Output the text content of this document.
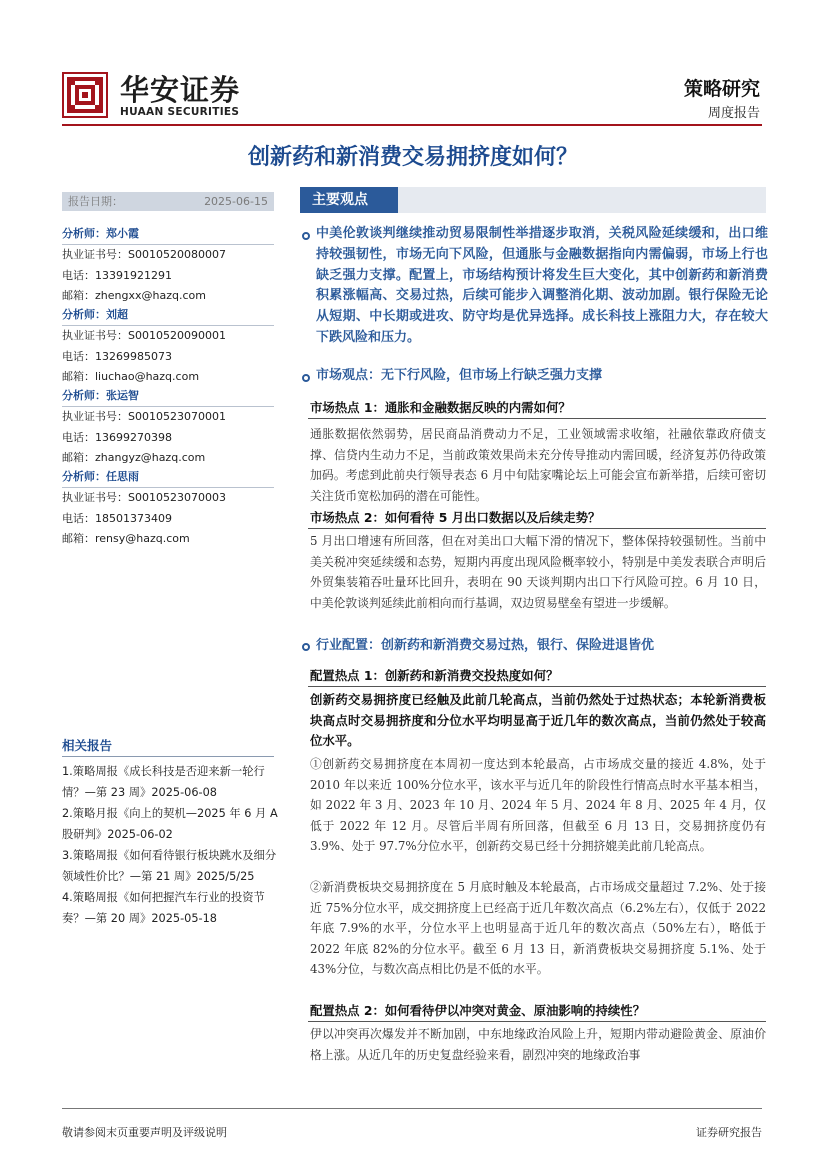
华安证券
HUAAN SECURITIES
策略研究
周度报告
创新药和新消费交易拥挤度如何？
报告日期：	2025-06-15
分析师：郑小霞
执业证书号：S0010520080007
电话：13391921291
邮箱：zhengxx@hazq.com
分析师：刘超
执业证书号：S0010520090001
电话：13269985073
邮箱：liuchao@hazq.com
分析师：张运智
执业证书号：S0010523070001
电话：13699270398
邮箱：zhangyz@hazq.com
分析师：任思雨
执业证书号：S0010523070003
电话：18501373409
邮箱：rensy@hazq.com
相关报告

1.策略周报《成长科技是否迎来新一轮行情？—第 23 周》2025-06-08

2.策略月报《向上的契机—2025 年 6 月 A 股研判》2025-06-02

3.策略周报《如何看待银行板块跳水及细分领域性价比？—第 21 周》2025/5/25

4.策略周报《如何把握汽车行业的投资节奏？—第 20 周》2025-05-18

主要观点
中美伦敦谈判继续推动贸易限制性举措逐步取消，关税风险延续缓和，出口维持较强韧性，市场无向下风险，但通胀与金融数据指向内需偏弱，市场上行也缺乏强力支撑。配置上，市场结构预计将发生巨大变化，其中创新药和新消费积累涨幅高、交易过热，后续可能步入调整消化期、波动加剧。银行保险无论从短期、中长期或进攻、防守均是优异选择。成长科技上涨阻力大，存在较大下跌风险和压力。
市场观点：无下行风险，但市场上行缺乏强力支撑
市场热点 1：通胀和金融数据反映的内需如何？
通胀数据依然弱势，居民商品消费动力不足，工业领域需求收缩，社融依靠政府债支撑、信贷内生动力不足，当前政策效果尚未充分传导推动内需回暖，经济复苏仍待政策加码。考虑到此前央行领导表态 6 月中旬陆家嘴论坛上可能会宣布新举措，后续可密切关注货币宽松加码的潜在可能性。
市场热点 2：如何看待 5 月出口数据以及后续走势？
5 月出口增速有所回落，但在对美出口大幅下滑的情况下，整体保持较强韧性。当前中美关税冲突延续缓和态势，短期内再度出现风险概率较小，特别是中美发表联合声明后外贸集装箱吞吐量环比回升，表明在 90 天谈判期内出口下行风险可控。6 月 10 日，中美伦敦谈判延续此前相向而行基调，双边贸易壁垒有望进一步缓解。
行业配置：创新药和新消费交易过热，银行、保险进退皆优
配置热点 1：创新药和新消费交投热度如何？
创新药交易拥挤度已经触及此前几轮高点，当前仍然处于过热状态；本轮新消费板块高点时交易拥挤度和分位水平均明显高于近几年的数次高点，当前仍然处于较高位水平。
①创新药交易拥挤度在本周初一度达到本轮最高，占市场成交量的接近 4.8%，处于 2010 年以来近 100%分位水平，该水平与近几年的阶段性行情高点时水平基本相当，如 2022 年 3 月、2023 年 10 月、2024 年 5 月、2024 年 8 月、2025 年 4 月，仅低于 2022 年 12 月。尽管后半周有所回落，但截至 6 月 13 日，交易拥挤度仍有 3.9%、处于 97.7%分位水平，创新药交易已经十分拥挤媲美此前几轮高点。
②新消费板块交易拥挤度在 5 月底时触及本轮最高，占市场成交量超过 7.2%、处于接近 75%分位水平，成交拥挤度上已经高于近几年数次高点（6.2%左右），仅低于 2022 年底 7.9%的水平，分位水平上也明显高于近几年的数次高点（50%左右），略低于 2022 年底 82%的分位水平。截至 6 月 13 日，新消费板块交易拥挤度 5.1%、处于 43%分位，与数次高点相比仍是不低的水平。
配置热点 2：如何看待伊以冲突对黄金、原油影响的持续性？
伊以冲突再次爆发并不断加剧，中东地缘政治风险上升，短期内带动避险黄金、原油价格上涨。从近几年的历史复盘经验来看，剧烈冲突的地缘政治事
敬请参阅末页重要声明及评级说明	证券研究报告
